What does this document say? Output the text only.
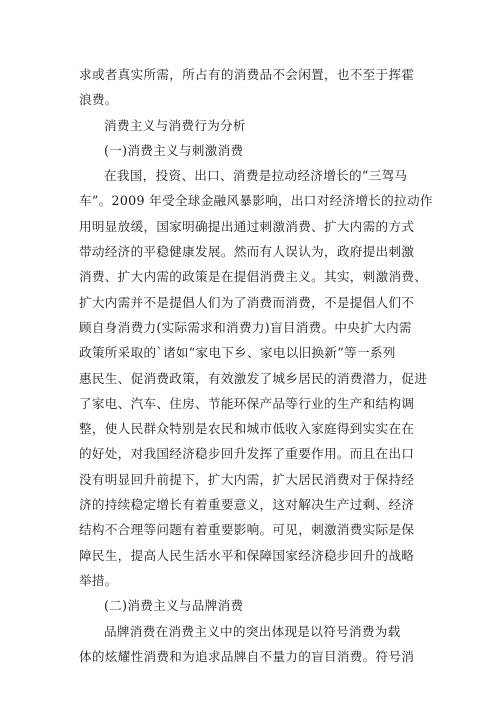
求或者真实所需，所占有的消费品不会闲置，也不至于挥霍
浪费。
消费主义与消费行为分析
(一)消费主义与刺激消费
在我国，投资、出口、消费是拉动经济增长的“三驾马
车”。2009 年受全球金融风暴影响，出口对经济增长的拉动作
用明显放缓，国家明确提出通过刺激消费、扩大内需的方式
带动经济的平稳健康发展。然而有人误认为，政府提出刺激
消费、扩大内需的政策是在提倡消费主义。其实，刺激消费、
扩大内需并不是提倡人们为了消费而消费，不是提倡人们不
顾自身消费力(实际需求和消费力)盲目消费。中央扩大内需
政策所采取的`诸如“家电下乡、家电以旧换新”等一系列
惠民生、促消费政策，有效激发了城乡居民的消费潜力，促进
了家电、汽车、住房、节能环保产品等行业的生产和结构调
整，使人民群众特别是农民和城市低收入家庭得到实实在在
的好处，对我国经济稳步回升发挥了重要作用。而且在出口
没有明显回升前提下，扩大内需，扩大居民消费对于保持经
济的持续稳定增长有着重要意义，这对解决生产过剩、经济
结构不合理等问题有着重要影响。可见，刺激消费实际是保
障民生，提高人民生活水平和保障国家经济稳步回升的战略
举措。
(二)消费主义与品牌消费
品牌消费在消费主义中的突出体现是以符号消费为载
体的炫耀性消费和为追求品牌自不量力的盲目消费。符号消
